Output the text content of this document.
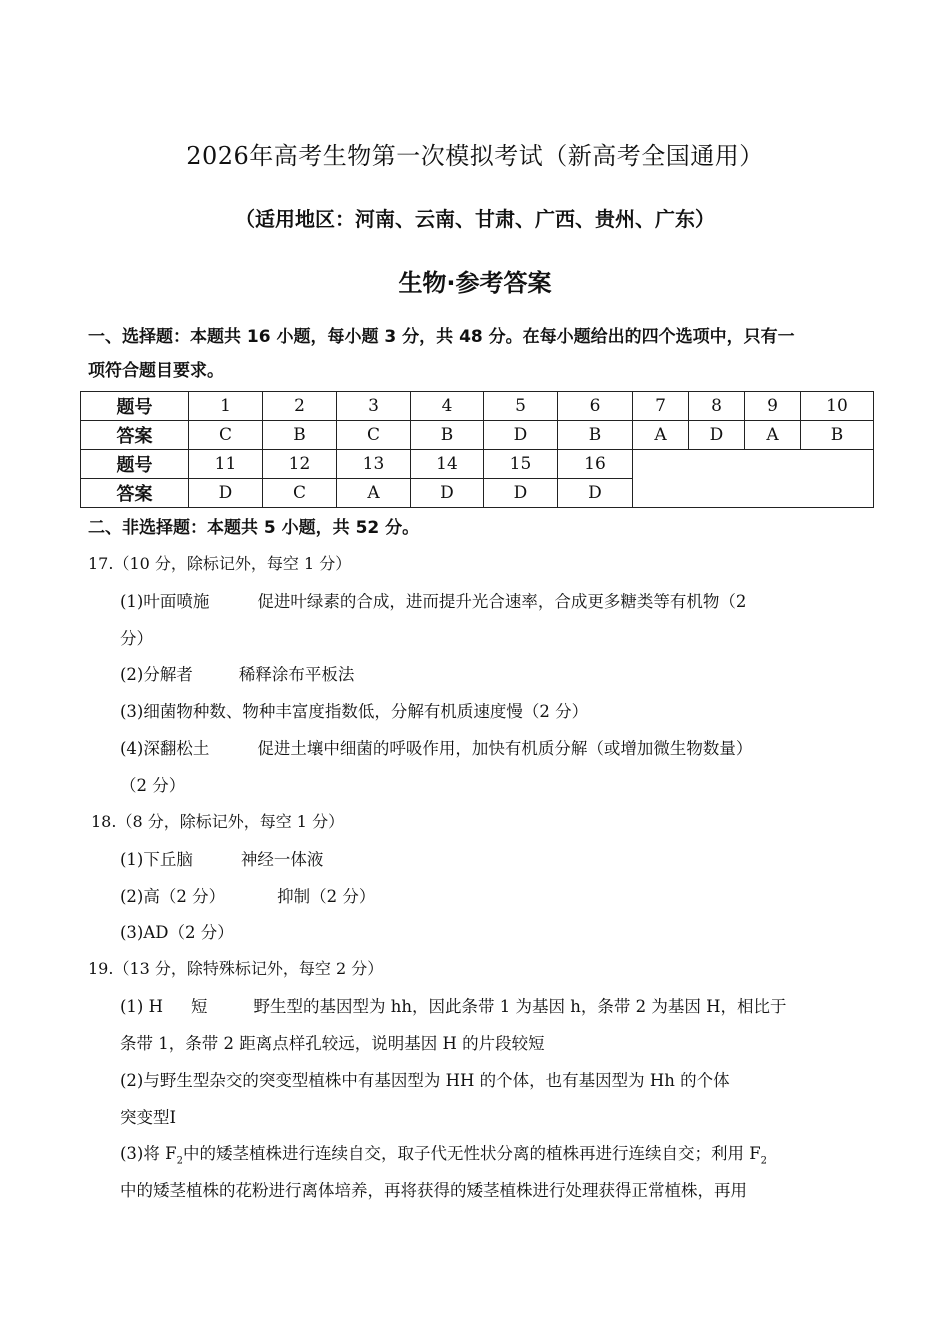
2026年高考生物第一次模拟考试（新高考全国通用）
（适用地区：河南、云南、甘肃、广西、贵州、广东）
生物·参考答案
一、选择题：本题共 16 小题，每小题 3 分，共 48 分。在每小题给出的四个选项中，只有一
项符合题目要求。
题号	1	2	3	4	5	6	7	8	9	10
答案	C	B	C	B	D	B	A	D	A	B
题号	11	12	13	14	15	16				
答案	D	C	A	D	D	D				
二、非选择题：本题共 5 小题，共 52 分。
17.（10 分，除标记外，每空 1 分）
(1)叶面喷施	促进叶绿素的合成，进而提升光合速率，合成更多糖类等有机物（2
分）
(2)分解者	稀释涂布平板法
(3)细菌物种数、物种丰富度指数低，分解有机质速度慢（2 分）
(4)深翻松土	促进土壤中细菌的呼吸作用，加快有机质分解（或增加微生物数量）
（2 分）
18.（8 分，除标记外，每空 1 分）
(1)下丘脑	神经一体液
(2)高（2 分）	抑制（2 分）
(3)AD（2 分）
19.（13 分，除特殊标记外，每空 2 分）
(1) H 短	野生型的基因型为 hh，因此条带 1 为基因 h，条带 2 为基因 H，相比于
条带 1，条带 2 距离点样孔较远，说明基因 H 的片段较短
(2)与野生型杂交的突变型植株中有基因型为 HH 的个体，也有基因型为 Hh 的个体
突变型Ⅰ
(3)将 $F_2$中的矮茎植株进行连续自交，取子代无性状分离的植株再进行连续自交；利用 $F_2$
中的矮茎植株的花粉进行离体培养，再将获得的矮茎植株进行处理获得正常植株，再用
